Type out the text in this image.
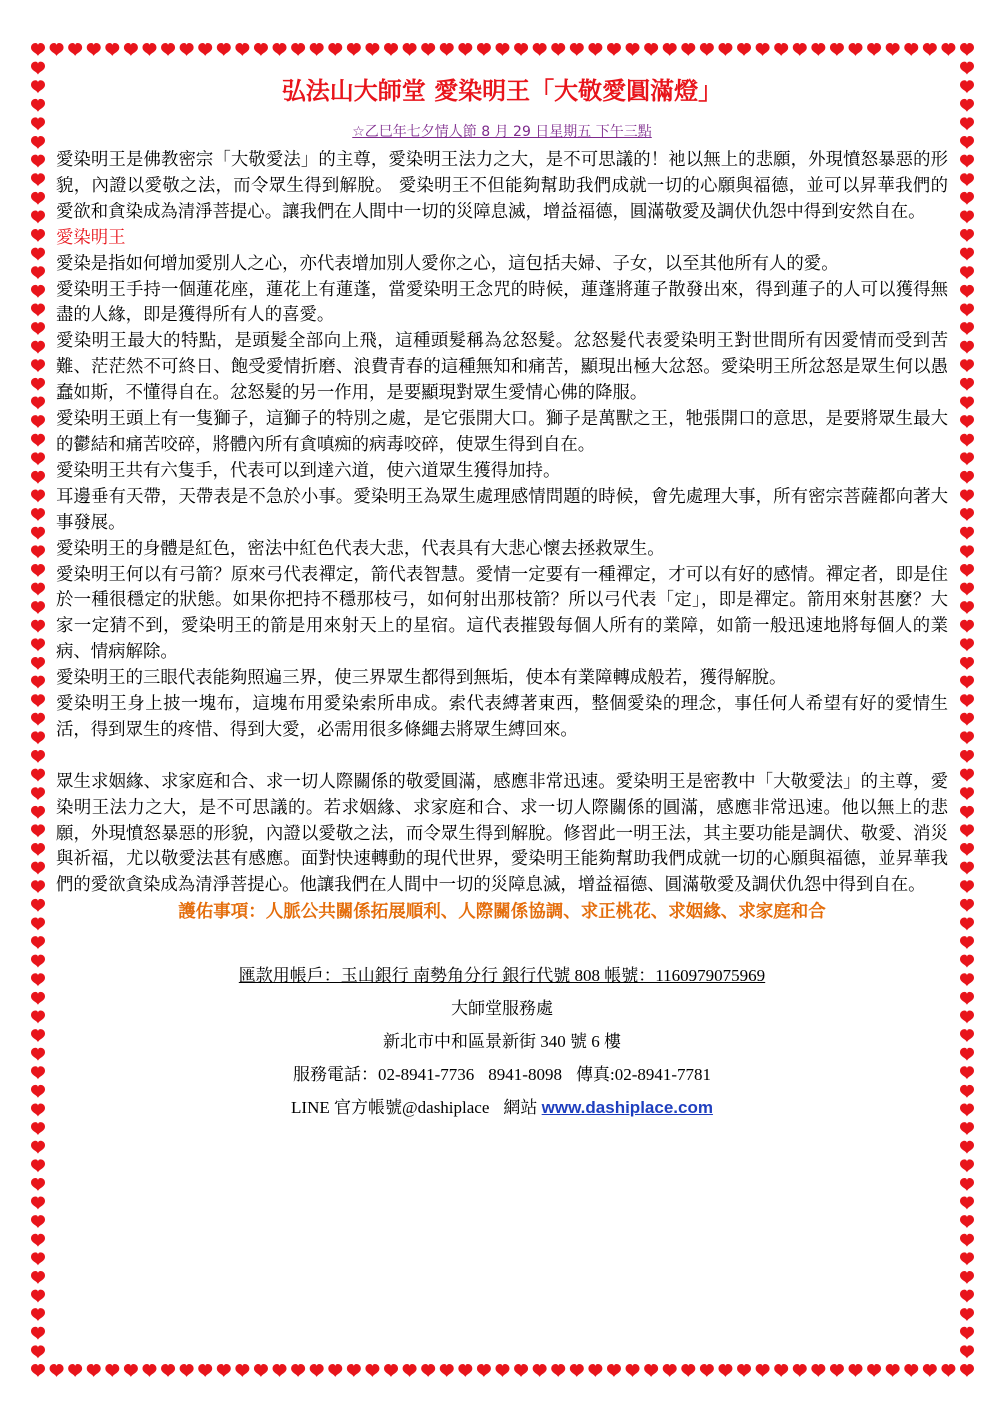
弘法山大師堂 愛染明王「大敬愛圓滿燈」
☆乙巳年七夕情人節 8 月 29 日星期五 下午三點

愛染明王是佛教密宗「大敬愛法」的主尊，愛染明王法力之大，是不可思議的！祂以無上的悲願，外現憤怒暴惡的形貌，內證以愛敬之法，而令眾生得到解脫。 愛染明王不但能夠幫助我們成就一切的心願與福德，並可以昇華我們的愛欲和貪染成為清淨菩提心。讓我們在人間中一切的災障息滅，增益福德，圓滿敬愛及調伏仇怨中得到安然自在。

愛染明王

愛染是指如何增加愛別人之心，亦代表增加別人愛你之心，這包括夫婦、子女，以至其他所有人的愛。

愛染明王手持一個蓮花座，蓮花上有蓮蓬，當愛染明王念咒的時候，蓮蓬將蓮子散發出來，得到蓮子的人可以獲得無盡的人緣，即是獲得所有人的喜愛。

愛染明王最大的特點，是頭髮全部向上飛，這種頭髮稱為忿怒髮。忿怒髮代表愛染明王對世間所有因愛情而受到苦難、茫茫然不可終日、飽受愛情折磨、浪費青春的這種無知和痛苦，顯現出極大忿怒。愛染明王所忿怒是眾生何以愚蠢如斯，不懂得自在。忿怒髮的另一作用，是要顯現對眾生愛情心佛的降服。

愛染明王頭上有一隻獅子，這獅子的特別之處，是它張開大口。獅子是萬獸之王，牠張開口的意思，是要將眾生最大的鬱結和痛苦咬碎，將體內所有貪嗔痴的病毒咬碎，使眾生得到自在。

愛染明王共有六隻手，代表可以到達六道，使六道眾生獲得加持。

耳邊垂有天帶，天帶表是不急於小事。愛染明王為眾生處理感情問題的時候，會先處理大事，所有密宗菩薩都向著大事發展。

愛染明王的身體是紅色，密法中紅色代表大悲，代表具有大悲心懷去拯救眾生。

愛染明王何以有弓箭？原來弓代表禪定，箭代表智慧。愛情一定要有一種禪定，才可以有好的感情。禪定者，即是住於一種很穩定的狀態。如果你把持不穩那枝弓，如何射出那枝箭？所以弓代表「定」，即是禪定。箭用來射甚麼？大家一定猜不到，愛染明王的箭是用來射天上的星宿。這代表摧毀每個人所有的業障，如箭一般迅速地將每個人的業病、情病解除。

愛染明王的三眼代表能夠照遍三界，使三界眾生都得到無垢，使本有業障轉成般若，獲得解脫。

愛染明王身上披一塊布，這塊布用愛染索所串成。索代表縛著東西，整個愛染的理念，事任何人希望有好的愛情生活，得到眾生的疼惜、得到大愛，必需用很多條繩去將眾生縛回來。

眾生求姻緣、求家庭和合、求一切人際關係的敬愛圓滿，感應非常迅速。愛染明王是密教中「大敬愛法」的主尊，愛染明王法力之大，是不可思議的。若求姻緣、求家庭和合、求一切人際關係的圓滿，感應非常迅速。他以無上的悲願，外現憤怒暴惡的形貌，內證以愛敬之法，而令眾生得到解脫。修習此一明王法，其主要功能是調伏、敬愛、消災與祈福，尤以敬愛法甚有感應。面對快速轉動的現代世界，愛染明王能夠幫助我們成就一切的心願與福德，並昇華我們的愛欲貪染成為清淨菩提心。他讓我們在人間中一切的災障息滅，增益福德、圓滿敬愛及調伏仇怨中得到自在。

護佑事項：人脈公共關係拓展順利、人際關係協調、求正桃花、求姻緣、求家庭和合

匯款用帳戶：玉山銀行 南勢角分行 銀行代號 808 帳號：1160979075969
大師堂服務處
新北市中和區景新街 340 號 6 樓
服務電話：02-8941-7736 8941-8098 傳真:02-8941-7781
LINE 官方帳號@dashiplace 網站 www.dashiplace.com
